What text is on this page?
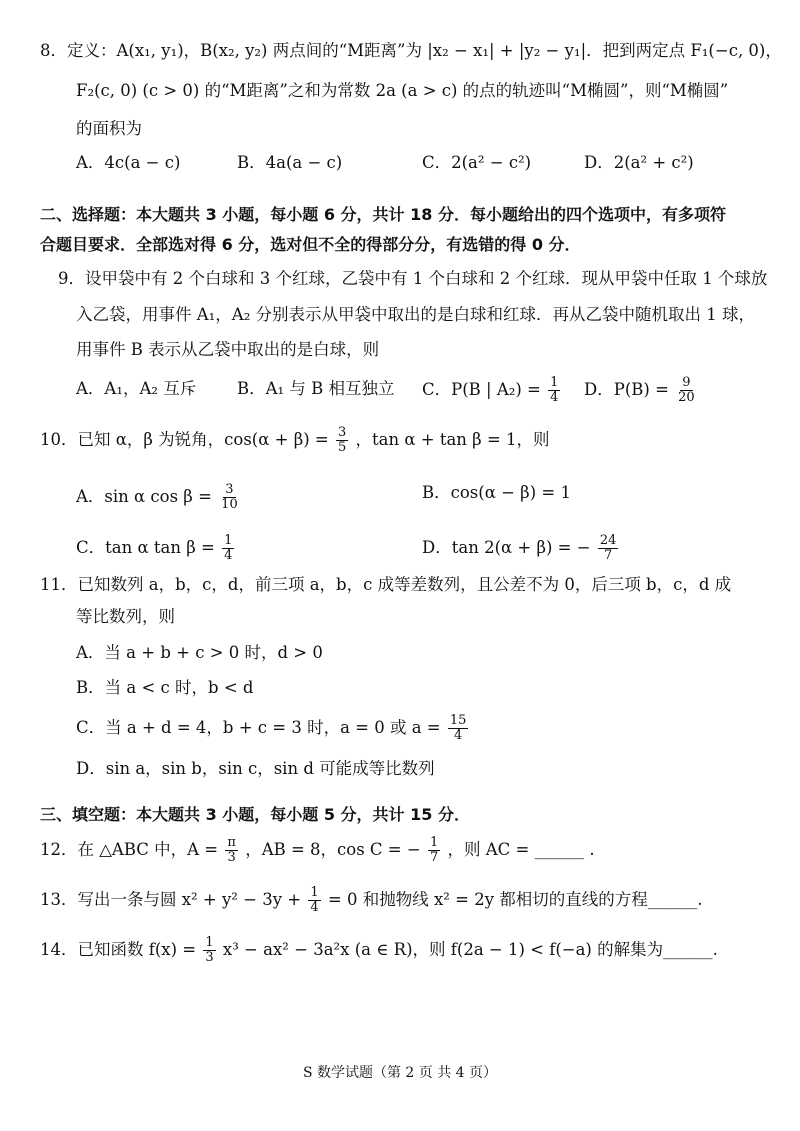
8．定义：A(x₁, y₁)，B(x₂, y₂) 两点间的“M距离”为 |x₂ − x₁| + |y₂ − y₁|．把到两定点 F₁(−c, 0)，
F₂(c, 0) (c > 0) 的“M距离”之和为常数 2a (a > c) 的点的轨迹叫“M椭圆”，则“M椭圆”
的面积为
A．4c(a − c)	B．4a(a − c)	C．2(a² − c²)	D．2(a² + c²)
二、选择题：本大题共 3 小题，每小题 6 分，共计 18 分．每小题给出的四个选项中，有多项符
合题目要求．全部选对得 6 分，选对但不全的得部分分，有选错的得 0 分．
9．设甲袋中有 2 个白球和 3 个红球，乙袋中有 1 个白球和 2 个红球．现从甲袋中任取 1 个球放
入乙袋，用事件 A₁，A₂ 分别表示从甲袋中取出的是白球和红球．再从乙袋中随机取出 1 球，
用事件 B 表示从乙袋中取出的是白球，则
A．A₁，A₂ 互斥 B．A₁ 与 B 相互独立 C．P(B | $A_2) = \frac{1}{4}$ D．$P(B) = \frac{9}{20}$
10．已知 α，β 为锐角，$\cos(\alpha + \beta) = \frac{3}{5}$ ，tan α + tan β = 1，则
A．sin α $\cos \beta = \frac{3}{10}$	B．cos(α − β) = 1
C．tan α $\tan \beta = \frac{1}{4}$	D．tan 2(α + β) = − $\frac{24}{7}$
11．已知数列 a，b，c，d，前三项 a，b，c 成等差数列，且公差不为 0，后三项 b，c，d 成
等比数列，则
A．当 a + b + c > 0 时，d > 0
B．当 a < c 时，b < d
C．当 a + d = 4，b + c = 3 时，a = 0 或 $a = \frac{15}{4}$
D．sin a，sin b，sin c，sin d 可能成等比数列
三、填空题：本大题共 3 小题，每小题 5 分，共计 15 分．
12．在 △ABC 中，$A = \frac{\pi}{3}$ ，AB = 8，cos C = − $\frac{1}{7}$ ，则 AC = ______ .
13．写出一条与圆 $x^2 + y^2 - 3y + \frac{1}{4} = 0$ 和抛物线 x² = 2y 都相切的直线的方程______.
14．已知函数 $f(x) = \frac{1}{3} x^3 - ax^2 - 3a^2x$ (a ∈ R)，则 f(2a − 1) < f(−a) 的解集为______.
S 数学试题（第 2 页 共 4 页）
